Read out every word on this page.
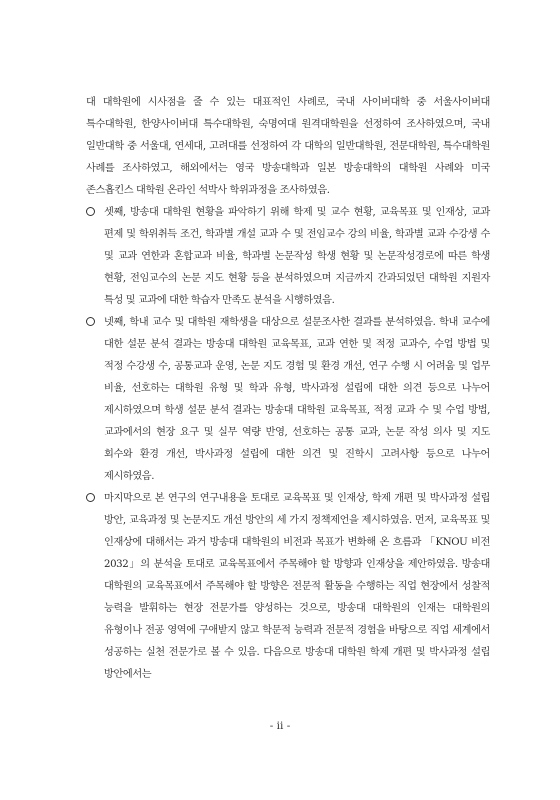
대 대학원에 시사점을 줄 수 있는 대표적인 사례로, 국내 사이버대학 중 서울사이버대 특수대학원, 한양사이버대 특수대학원, 숙명여대 원격대학원을 선정하여 조사하였으며, 국내 일반대학 중 서울대, 연세대, 고려대를 선정하여 각 대학의 일반대학원, 전문대학원, 특수대학원 사례를 조사하였고, 해외에서는 영국 방송대학과 일본 방송대학의 대학원 사례와 미국 존스홉킨스 대학원 온라인 석박사 학위과정을 조사하였음.

셋째, 방송대 대학원 현황을 파악하기 위해 학제 및 교수 현황, 교육목표 및 인재상, 교과 편제 및 학위취득 조건, 학과별 개설 교과 수 및 전임교수 강의 비율, 학과별 교과 수강생 수 및 교과 연한과 혼합교과 비율, 학과별 논문작성 학생 현황 및 논문작성경로에 따른 학생 현황, 전임교수의 논문 지도 현황 등을 분석하였으며 지금까지 간과되었던 대학원 지원자 특성 및 교과에 대한 학습자 만족도 분석을 시행하였음.

넷째, 학내 교수 및 대학원 재학생을 대상으로 설문조사한 결과를 분석하였음. 학내 교수에 대한 설문 분석 결과는 방송대 대학원 교육목표, 교과 연한 및 적정 교과수, 수업 방법 및 적정 수강생 수, 공통교과 운영, 논문 지도 경험 및 환경 개선, 연구 수행 시 어려움 및 업무 비율, 선호하는 대학원 유형 및 학과 유형, 박사과정 설립에 대한 의견 등으로 나누어 제시하였으며 학생 설문 분석 결과는 방송대 대학원 교육목표, 적정 교과 수 및 수업 방법, 교과에서의 현장 요구 및 실무 역량 반영, 선호하는 공통 교과, 논문 작성 의사 및 지도 회수와 환경 개선, 박사과정 설립에 대한 의견 및 진학시 고려사항 등으로 나누어 제시하였음.

마지막으로 본 연구의 연구내용을 토대로 교육목표 및 인재상, 학제 개편 및 박사과정 설립 방안, 교육과정 및 논문지도 개선 방안의 세 가지 정책제언을 제시하였음. 먼저, 교육목표 및 인재상에 대해서는 과거 방송대 대학원의 비전과 목표가 변화해 온 흐름과 「KNOU 비전 2032」의 분석을 토대로 교육목표에서 주목해야 할 방향과 인재상을 제안하였음. 방송대 대학원의 교육목표에서 주목해야 할 방향은 전문적 활동을 수행하는 직업 현장에서 성찰적 능력을 발휘하는 현장 전문가를 양성하는 것으로, 방송대 대학원의 인재는 대학원의 유형이나 전공 영역에 구애받지 않고 학문적 능력과 전문적 경험을 바탕으로 직업 세계에서 성공하는 실천 전문가로 볼 수 있음. 다음으로 방송대 대학원 학제 개편 및 박사과정 설립 방안에서는

- ii -
